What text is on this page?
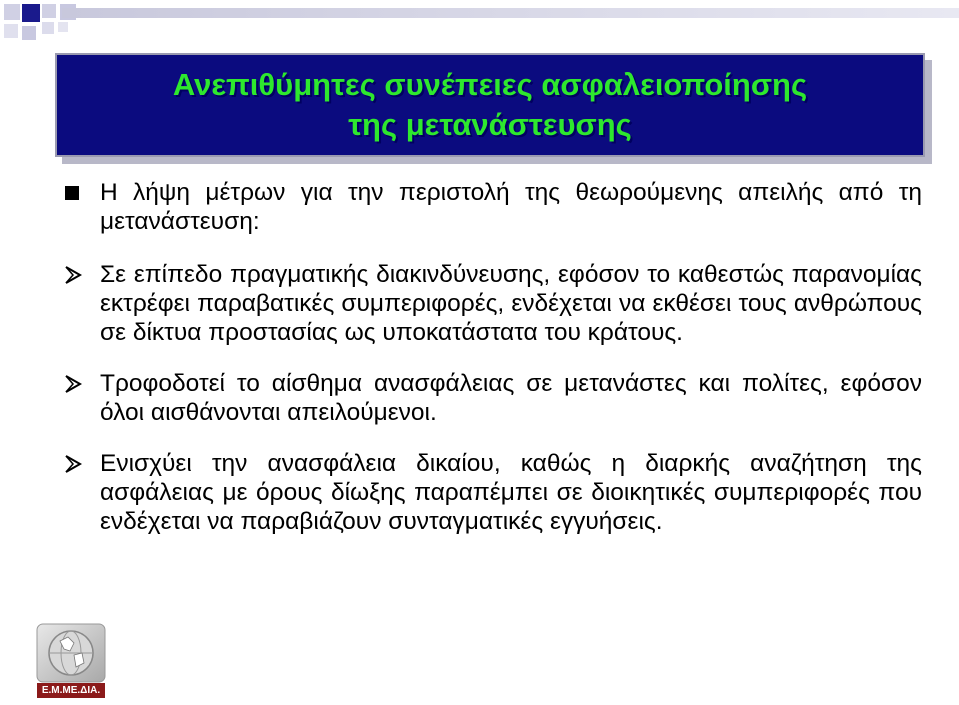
Ανεπιθύμητες συνέπειες ασφαλειοποίησης
της μετανάστευσης
Η λήψη μέτρων για την περιστολή της θεωρούμενης απειλής από τη μετανάστευση:
Σε επίπεδο πραγματικής διακινδύνευσης, εφόσον το καθεστώς παρανομίας εκτρέφει παραβατικές συμπεριφορές, ενδέχεται να εκθέσει τους ανθρώπους σε δίκτυα προστασίας ως υποκατάστατα του κράτους.
Τροφοδοτεί το αίσθημα ανασφάλειας σε μετανάστες και πολίτες, εφόσον όλοι αισθάνονται απειλούμενοι.
Ενισχύει την ανασφάλεια δικαίου, καθώς η διαρκής αναζήτηση της ασφάλειας με όρους δίωξης παραπέμπει σε διοικητικές συμπεριφορές που ενδέχεται να παραβιάζουν συνταγματικές εγγυήσεις.
Ε.Μ.ΜΕ.ΔΙΑ.
